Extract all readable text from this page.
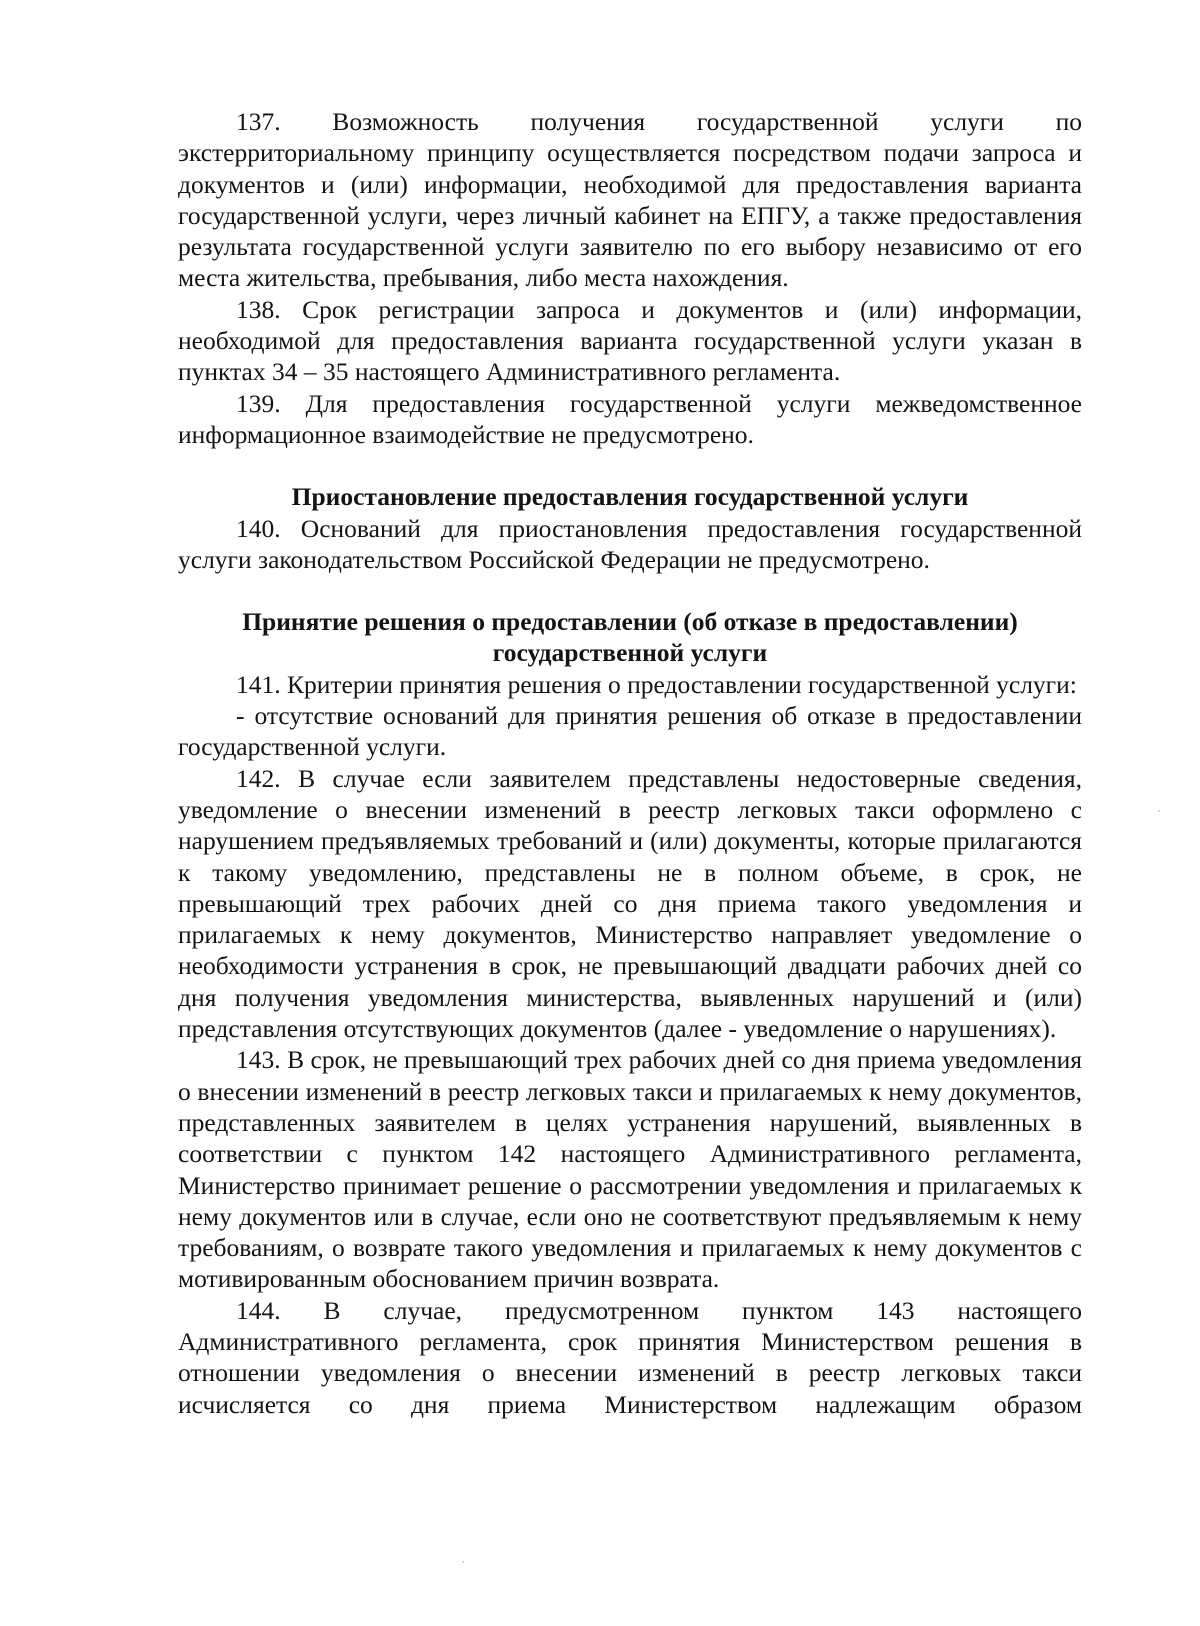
137. Возможность получения государственной услуги по экстерриториальному принципу осуществляется посредством подачи запроса и документов и (или) информации, необходимой для предоставления варианта государственной услуги, через личный кабинет на ЕПГУ, а также предоставления результата государственной услуги заявителю по его выбору независимо от его места жительства, пребывания, либо места нахождения.

138. Срок регистрации запроса и документов и (или) информации, необходимой для предоставления варианта государственной услуги указан в пунктах 34 – 35 настоящего Административного регламента.

139. Для предоставления государственной услуги межведомственное информационное взаимодействие не предусмотрено.

Приостановление предоставления государственной услуги

140. Оснований для приостановления предоставления государственной услуги законодательством Российской Федерации не предусмотрено.

Принятие решения о предоставлении (об отказе в предоставлении)
государственной услуги

141. Критерии принятия решения о предоставлении государственной услуги:

- отсутствие оснований для принятия решения об отказе в предоставлении государственной услуги.

142. В случае если заявителем представлены недостоверные сведения, уведомление о внесении изменений в реестр легковых такси оформлено с нарушением предъявляемых требований и (или) документы, которые прилагаются к такому уведомлению, представлены не в полном объеме, в срок, не превышающий трех рабочих дней со дня приема такого уведомления и прилагаемых к нему документов, Министерство направляет уведомление о необходимости устранения в срок, не превышающий двадцати рабочих дней со дня получения уведомления министерства, выявленных нарушений и (или) представления отсутствующих документов (далее - уведомление о нарушениях).

143. В срок, не превышающий трех рабочих дней со дня приема уведомления о внесении изменений в реестр легковых такси и прилагаемых к нему документов, представленных заявителем в целях устранения нарушений, выявленных в соответствии с пунктом 142 настоящего Административного регламента, Министерство принимает решение о рассмотрении уведомления и прилагаемых к нему документов или в случае, если оно не соответствуют предъявляемым к нему требованиям, о возврате такого уведомления и прилагаемых к нему документов с мотивированным обоснованием причин возврата.

144. В случае, предусмотренном пунктом 143 настоящего Административного регламента, срок принятия Министерством решения в отношении уведомления о внесении изменений в реестр легковых такси исчисляется со дня приема Министерством надлежащим образом
